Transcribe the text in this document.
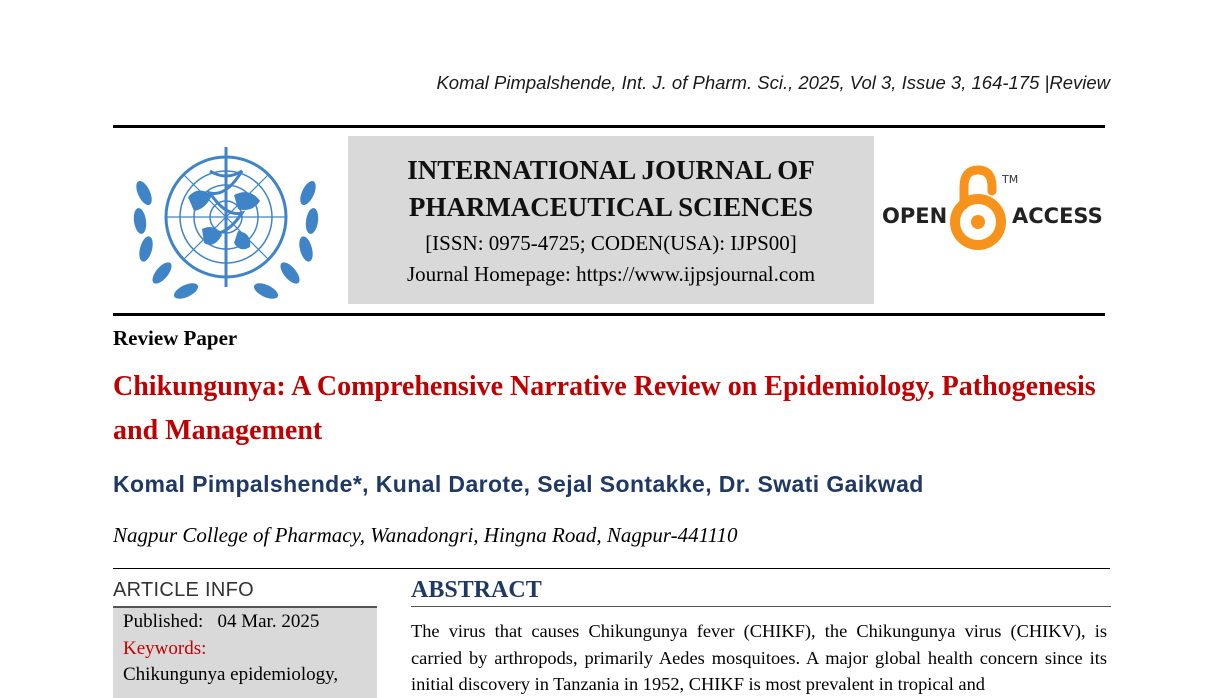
Komal Pimpalshende, Int. J. of Pharm. Sci., 2025, Vol 3, Issue 3, 164-175 |Review
INTERNATIONAL JOURNAL OF
PHARMACEUTICAL SCIENCES
[ISSN: 0975-4725; CODEN(USA): IJPS00]
Journal Homepage: https://www.ijpsjournal.com
OPEN	ACCESS
TM
Review Paper
Chikungunya: A Comprehensive Narrative Review on Epidemiology, Pathogenesis and Management
Komal Pimpalshende*, Kunal Darote, Sejal Sontakke, Dr. Swati Gaikwad
Nagpur College of Pharmacy, Wanadongri, Hingna Road, Nagpur-441110
ARTICLE INFO
Published:   04 Mar. 2025
Keywords:
Chikungunya epidemiology,
ABSTRACT
The virus that causes Chikungunya fever (CHIKF), the Chikungunya virus (CHIKV), is carried by arthropods, primarily Aedes mosquitoes. A major global health concern since its initial discovery in Tanzania in 1952, CHIKF is most prevalent in tropical and
